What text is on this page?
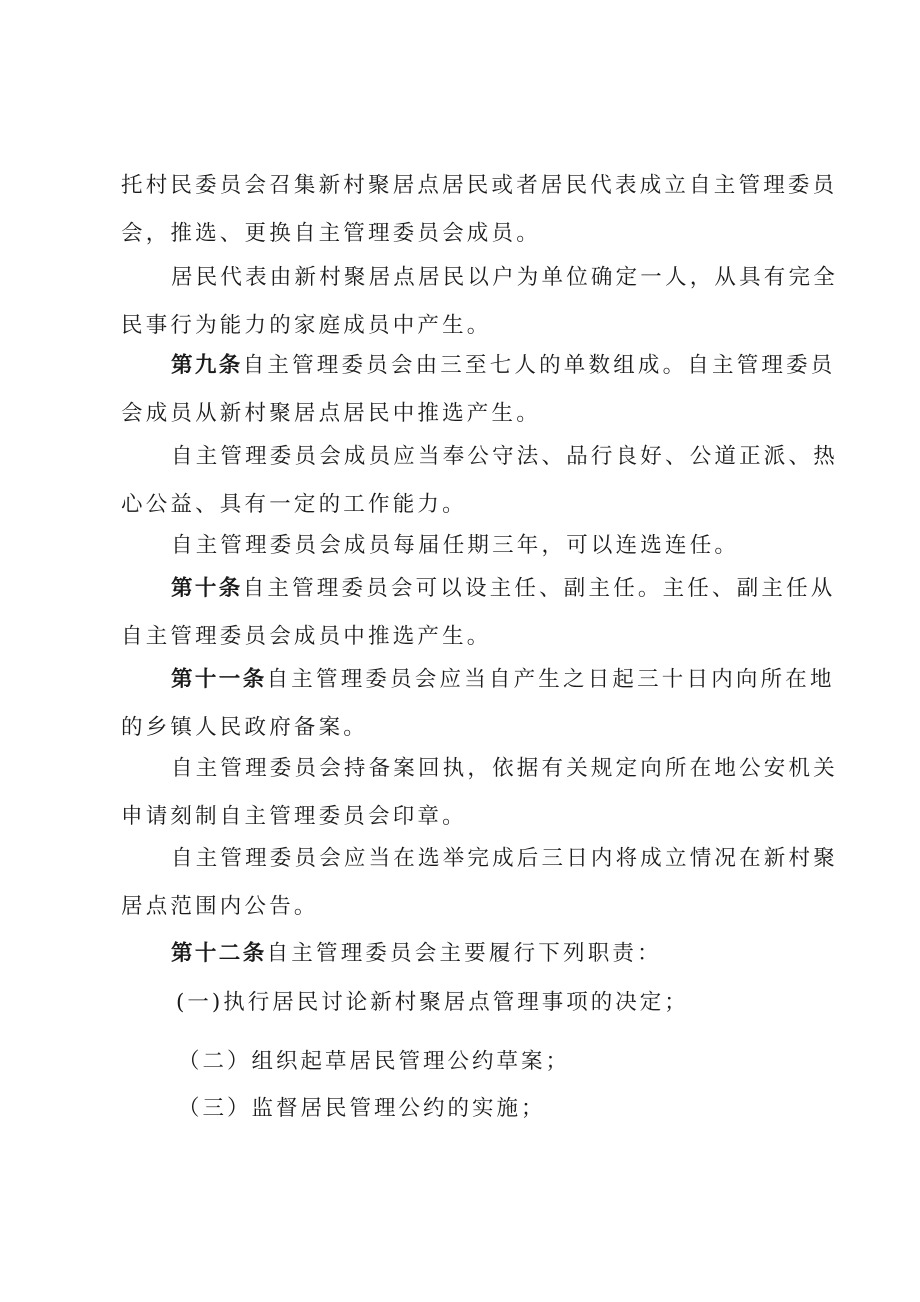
托村民委员会召集新村聚居点居民或者居民代表成立自主管理委员
会，推选、更换自主管理委员会成员。

居民代表由新村聚居点居民以户为单位确定一人，从具有完全
民事行为能力的家庭成员中产生。

第九条自主管理委员会由三至七人的单数组成。自主管理委员
会成员从新村聚居点居民中推选产生。

自主管理委员会成员应当奉公守法、品行良好、公道正派、热
心公益、具有一定的工作能力。

自主管理委员会成员每届任期三年，可以连选连任。

第十条自主管理委员会可以设主任、副主任。主任、副主任从
自主管理委员会成员中推选产生。

第十一条自主管理委员会应当自产生之日起三十日内向所在地
的乡镇人民政府备案。

自主管理委员会持备案回执，依据有关规定向所在地公安机关
申请刻制自主管理委员会印章。

自主管理委员会应当在选举完成后三日内将成立情况在新村聚
居点范围内公告。

第十二条自主管理委员会主要履行下列职责：

(一)执行居民讨论新村聚居点管理事项的决定；
（二）组织起草居民管理公约草案；
（三）监督居民管理公约的实施；
